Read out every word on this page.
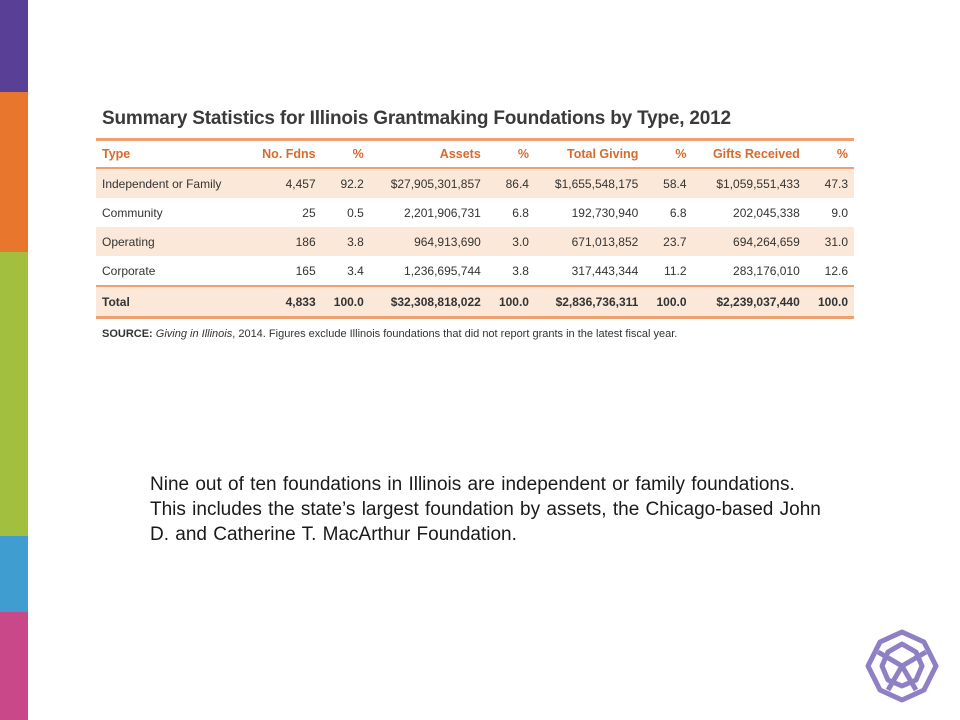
Summary Statistics for Illinois Grantmaking Foundations by Type, 2012
Type	No. Fdns	%	Assets	%	Total Giving	%	Gifts Received	%
Independent or Family	4,457	92.2	$27,905,301,857	86.4	$1,655,548,175	58.4	$1,059,551,433	47.3
Community	25	0.5	2,201,906,731	6.8	192,730,940	6.8	202,045,338	9.0
Operating	186	3.8	964,913,690	3.0	671,013,852	23.7	694,264,659	31.0
Corporate	165	3.4	1,236,695,744	3.8	317,443,344	11.2	283,176,010	12.6
Total	4,833	100.0	$32,308,818,022	100.0	$2,836,736,311	100.0	$2,239,037,440	100.0
SOURCE: Giving in Illinois, 2014. Figures exclude Illinois foundations that did not report grants in the latest fiscal year.
Nine out of ten foundations in Illinois are independent or family foundations. This includes the state’s largest foundation by assets, the Chicago-based John D. and Catherine T. MacArthur Foundation.
